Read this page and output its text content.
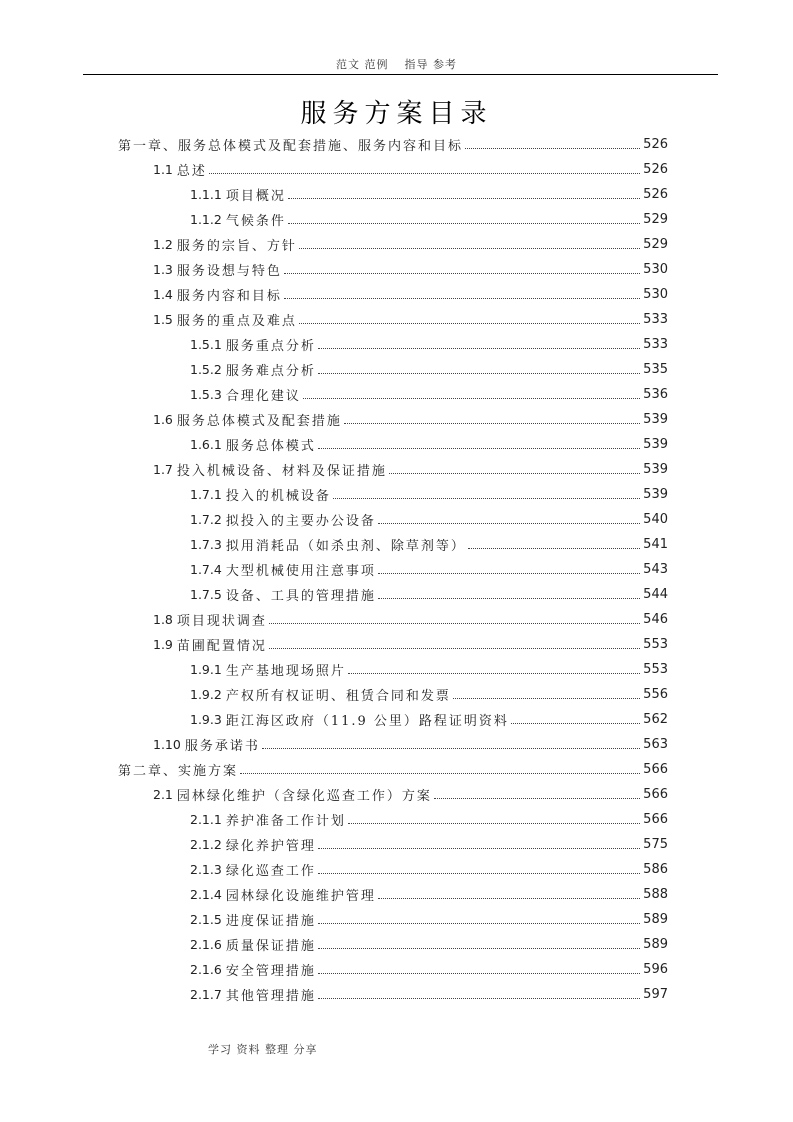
范文 范例 指导 参考
服务方案目录
第一章、服务总体模式及配套措施、服务内容和目标	526
1.1 总述	526
1.1.1 项目概况	526
1.1.2 气候条件	529
1.2 服务的宗旨、方针	529
1.3 服务设想与特色	530
1.4 服务内容和目标	530
1.5 服务的重点及难点	533
1.5.1 服务重点分析	533
1.5.2 服务难点分析	535
1.5.3 合理化建议	536
1.6 服务总体模式及配套措施	539
1.6.1 服务总体模式	539
1.7 投入机械设备、材料及保证措施	539
1.7.1 投入的机械设备	539
1.7.2 拟投入的主要办公设备	540
1.7.3 拟用消耗品（如杀虫剂、除草剂等）	541
1.7.4 大型机械使用注意事项	543
1.7.5 设备、工具的管理措施	544
1.8 项目现状调查	546
1.9 苗圃配置情况	553
1.9.1 生产基地现场照片	553
1.9.2 产权所有权证明、租赁合同和发票	556
1.9.3 距江海区政府（11.9 公里）路程证明资料	562
1.10 服务承诺书	563
第二章、实施方案	566
2.1 园林绿化维护（含绿化巡查工作）方案	566
2.1.1 养护准备工作计划	566
2.1.2 绿化养护管理	575
2.1.3 绿化巡查工作	586
2.1.4 园林绿化设施维护管理	588
2.1.5 进度保证措施	589
2.1.6 质量保证措施	589
2.1.6 安全管理措施	596
2.1.7 其他管理措施	597
学习 资料 整理 分享
